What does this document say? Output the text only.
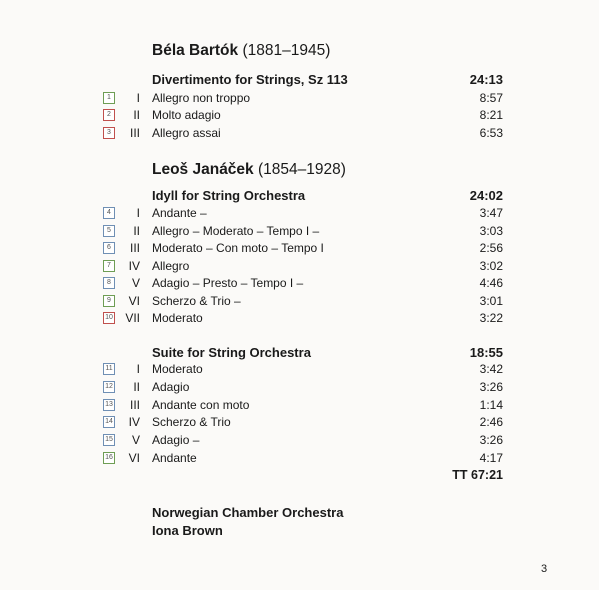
Béla Bartók (1881–1945)
Divertimento for Strings, Sz 113	24:13
1	I Allegro non troppo	8:57
2	II Molto adagio	8:21
3	III Allegro assai	6:53
Leoš Janáček (1854–1928)
Idyll for String Orchestra	24:02
4	I Andante –	3:47
5	II Allegro – Moderato – Tempo I –	3:03
6	III Moderato – Con moto – Tempo I	2:56
7	IV Allegro	3:02
8	V Adagio – Presto – Tempo I –	4:46
9	VI Scherzo & Trio –	3:01
10 VII Moderato	3:22
Suite for String Orchestra	18:55
11 I Moderato	3:42
12 II Adagio	3:26
13 III Andante con moto	1:14
14 IV Scherzo & Trio	2:46
15 V Adagio –	3:26
16 VI Andante	4:17
TT 67:21
Norwegian Chamber Orchestra
Iona Brown
3
